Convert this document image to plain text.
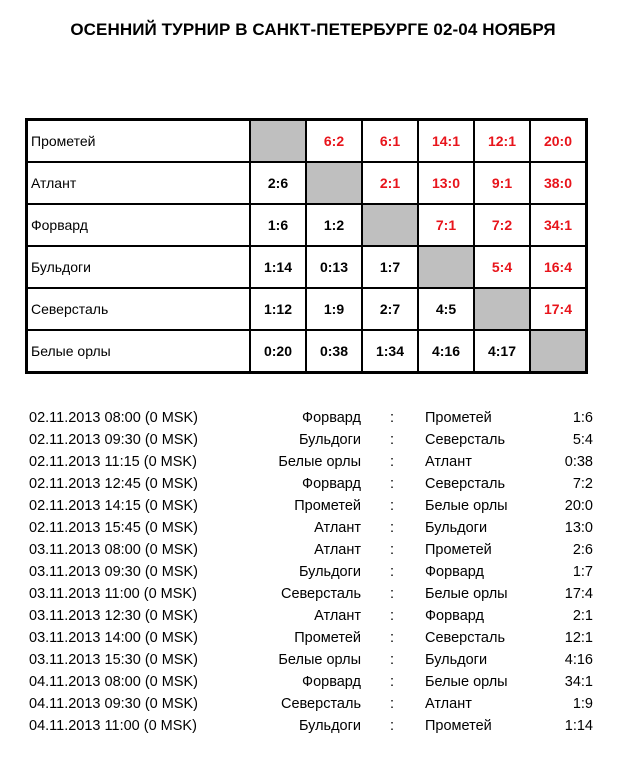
ОСЕННИЙ ТУРНИР В САНКТ-ПЕТЕРБУРГЕ 02-04 НОЯБРЯ
Прометей		6:2	6:1	14:1	12:1	20:0
Атлант	2:6		2:1	13:0	9:1	38:0
Форвард	1:6	1:2		7:1	7:2	34:1
Бульдоги	1:14	0:13	1:7		5:4	16:4
Северсталь	1:12	1:9	2:7	4:5		17:4
Белые орлы	0:20	0:38	1:34	4:16	4:17	
02.11.2013 08:00 (0 MSK)	Форвард : Прометей	1:6
02.11.2013 09:30 (0 MSK)	Бульдоги : Северсталь	5:4
02.11.2013 11:15 (0 MSK)	Белые орлы : Атлант	0:38
02.11.2013 12:45 (0 MSK)	Форвард : Северсталь	7:2
02.11.2013 14:15 (0 MSK)	Прометей : Белые орлы	20:0
02.11.2013 15:45 (0 MSK)	Атлант : Бульдоги	13:0
03.11.2013 08:00 (0 MSK)	Атлант : Прометей	2:6
03.11.2013 09:30 (0 MSK)	Бульдоги : Форвард	1:7
03.11.2013 11:00 (0 MSK)	Северсталь : Белые орлы	17:4
03.11.2013 12:30 (0 MSK)	Атлант : Форвард	2:1
03.11.2013 14:00 (0 MSK)	Прометей : Северсталь	12:1
03.11.2013 15:30 (0 MSK)	Белые орлы : Бульдоги	4:16
04.11.2013 08:00 (0 MSK)	Форвард : Белые орлы	34:1
04.11.2013 09:30 (0 MSK)	Северсталь : Атлант	1:9
04.11.2013 11:00 (0 MSK)	Бульдоги : Прометей	1:14
